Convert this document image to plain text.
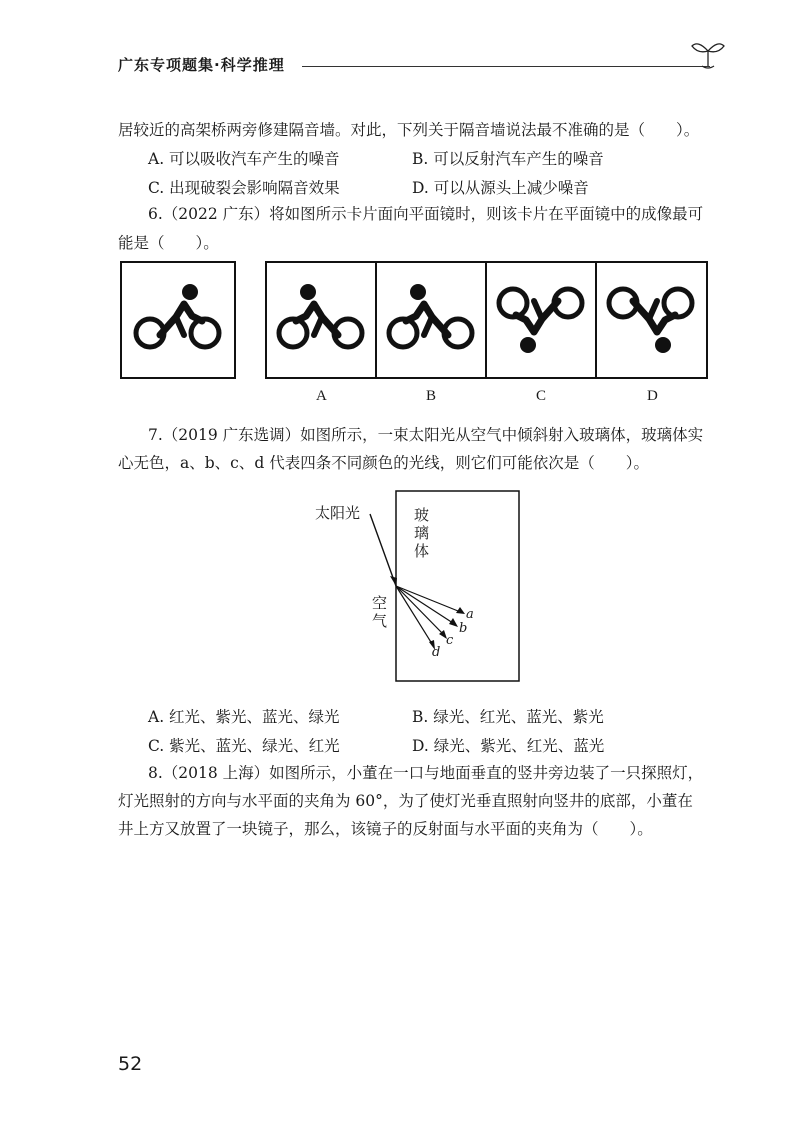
广东专项题集·科学推理
居较近的高架桥两旁修建隔音墙。对此，下列关于隔音墙说法最不准确的是（　　）。
A. 可以吸收汽车产生的噪音	B. 可以反射汽车产生的噪音
C. 出现破裂会影响隔音效果	D. 可以从源头上减少噪音
6.（2022 广东）将如图所示卡片面向平面镜时，则该卡片在平面镜中的成像最可
能是（　　）。
A	B	C	D
7.（2019 广东选调）如图所示，一束太阳光从空气中倾斜射入玻璃体，玻璃体实
心无色，a、b、c、d 代表四条不同颜色的光线，则它们可能依次是（　　）。
太阳光	玻
璃
体
空
气	a
b
c
d
A. 红光、紫光、蓝光、绿光	B. 绿光、红光、蓝光、紫光
C. 紫光、蓝光、绿光、红光	D. 绿光、紫光、红光、蓝光
8.（2018 上海）如图所示，小董在一口与地面垂直的竖井旁边装了一只探照灯，
灯光照射的方向与水平面的夹角为 60°，为了使灯光垂直照射向竖井的底部，小董在
井上方又放置了一块镜子，那么，该镜子的反射面与水平面的夹角为（　　）。
52
